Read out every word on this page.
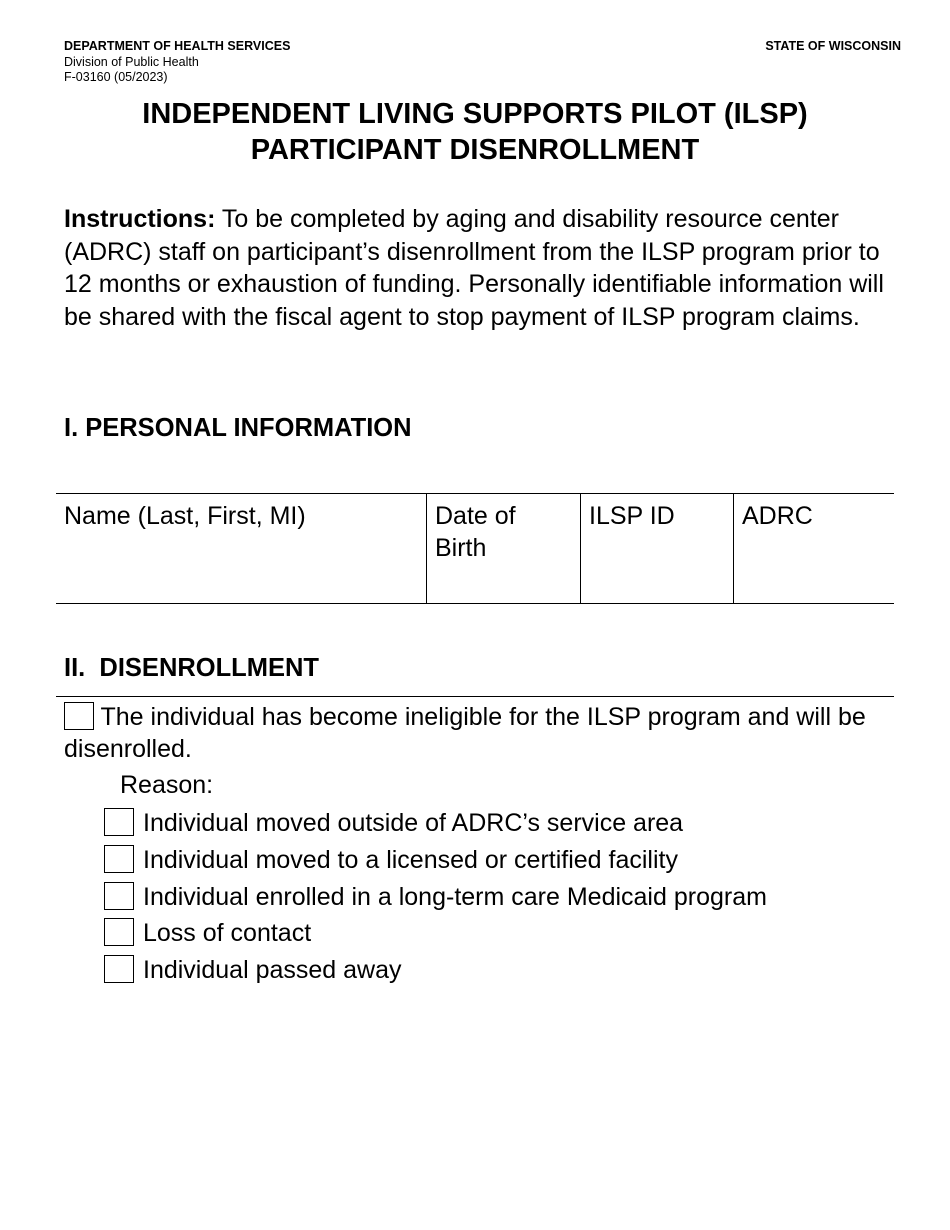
DEPARTMENT OF HEALTH SERVICES
Division of Public Health
F-03160 (05/2023)
STATE OF WISCONSIN
INDEPENDENT LIVING SUPPORTS PILOT (ILSP)
PARTICIPANT DISENROLLMENT
Instructions: To be completed by aging and disability resource center (ADRC) staff on participant’s disenrollment from the ILSP program prior to 12 months or exhaustion of funding. Personally identifiable information will be shared with the fiscal agent to stop payment of ILSP program claims.
I. PERSONAL INFORMATION
Name (Last, First, MI)	Date of Birth	ILSP ID	ADRC
II.  DISENROLLMENT
The individual has become ineligible for the ILSP program and will be disenrolled.
Reason:
Individual moved outside of ADRC’s service area
Individual moved to a licensed or certified facility
Individual enrolled in a long-term care Medicaid program
Loss of contact
Individual passed away
